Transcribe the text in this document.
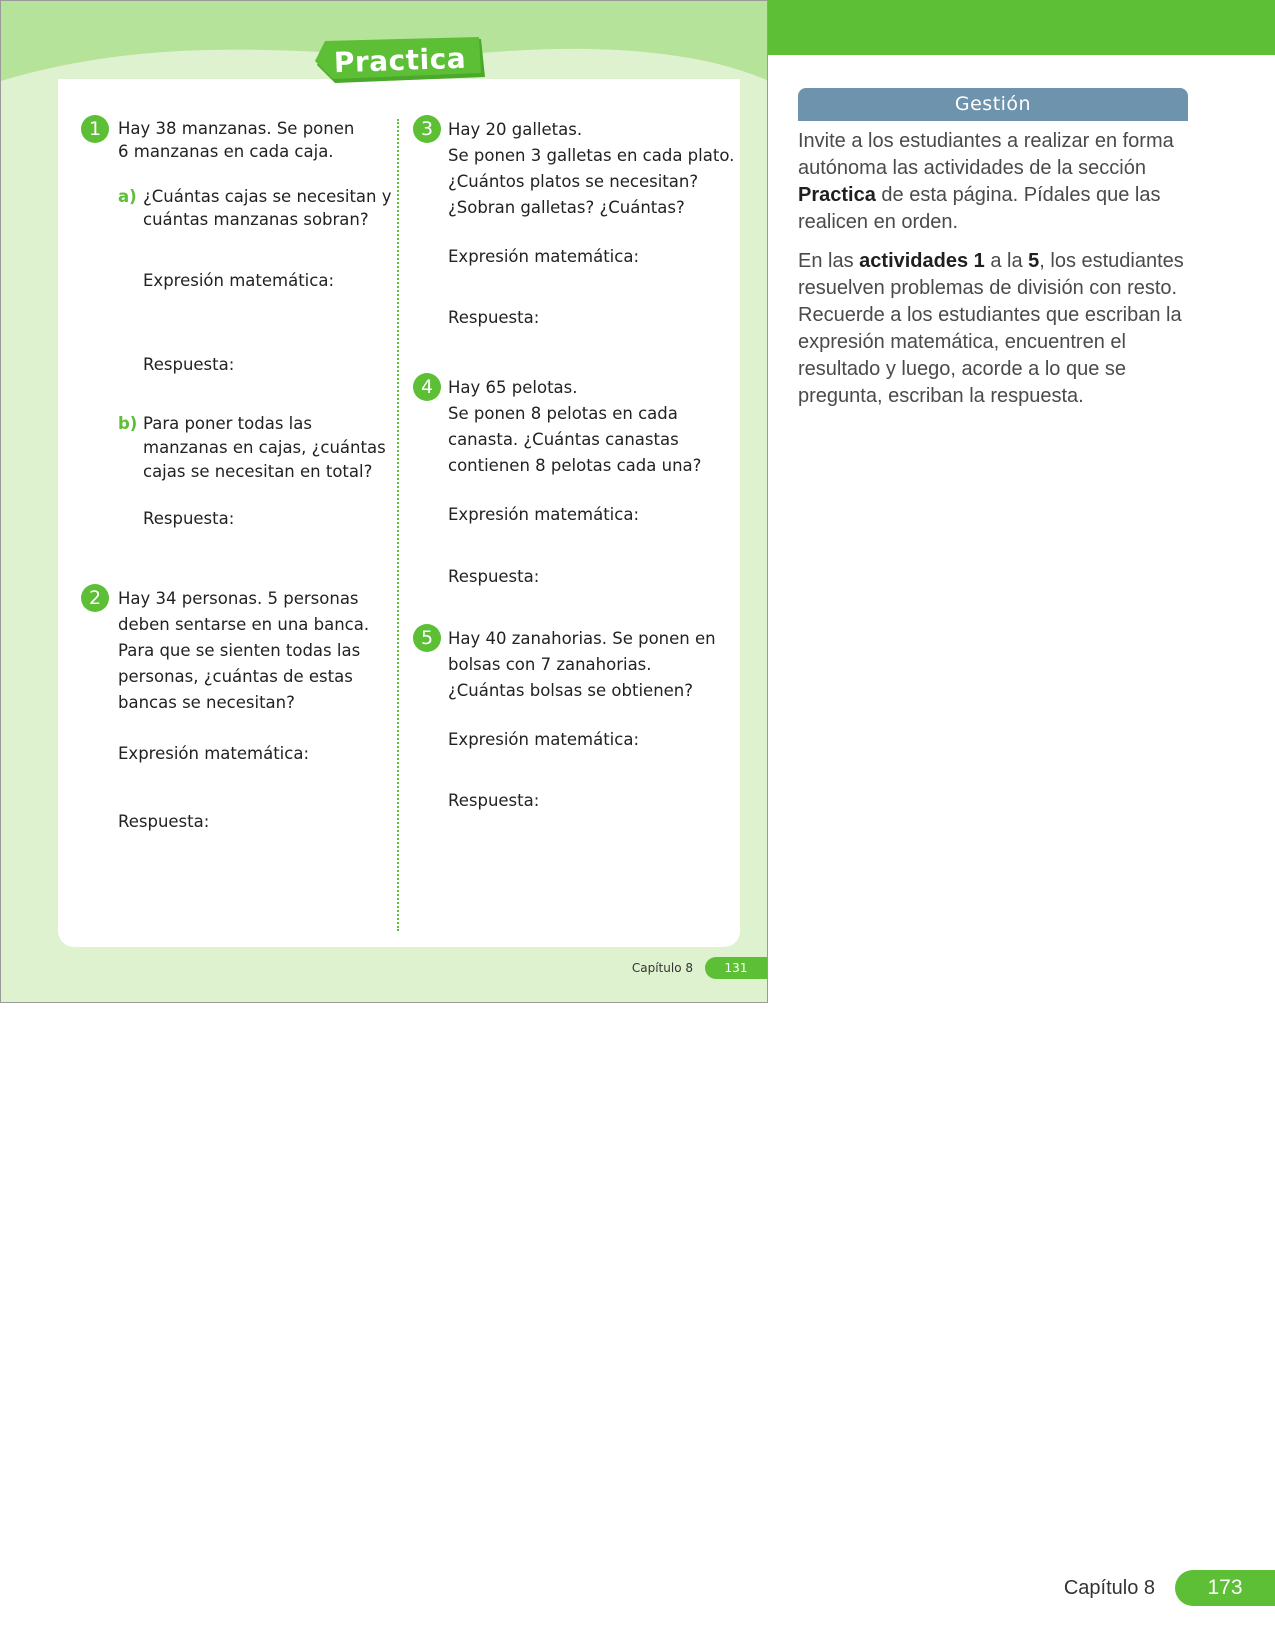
Practica
1	Hay 38 manzanas. Se ponen
6 manzanas en cada caja.
a) ¿Cuántas cajas se necesitan y
cuántas manzanas sobran?
Expresión matemática:
Respuesta:
b) Para poner todas las
manzanas en cajas, ¿cuántas
cajas se necesitan en total?
Respuesta:
2	Hay 34 personas. 5 personas
deben sentarse en una banca.
Para que se sienten todas las
personas, ¿cuántas de estas
bancas se necesitan?
Expresión matemática:
Respuesta:
3 Hay 20 galletas.
Se ponen 3 galletas en cada plato.
¿Cuántos platos se necesitan?
¿Sobran galletas? ¿Cuántas?
Expresión matemática:
Respuesta:
4 Hay 65 pelotas.
Se ponen 8 pelotas en cada
canasta. ¿Cuántas canastas
contienen 8 pelotas cada una?
Expresión matemática:
Respuesta:
5 Hay 40 zanahorias. Se ponen en
bolsas con 7 zanahorias.
¿Cuántas bolsas se obtienen?
Expresión matemática:
Respuesta:
Capítulo 8	131
Gestión

Invite a los estudiantes a realizar en forma autónoma las actividades de la sección Practica de esta página. Pídales que las realicen en orden.

En las actividades 1 a la 5, los estudiantes resuelven problemas de división con resto. Recuerde a los estudiantes que escriban la expresión matemática, encuentren el resultado y luego, acorde a lo que se pregunta, escriban la respuesta.

Capítulo 8	173
